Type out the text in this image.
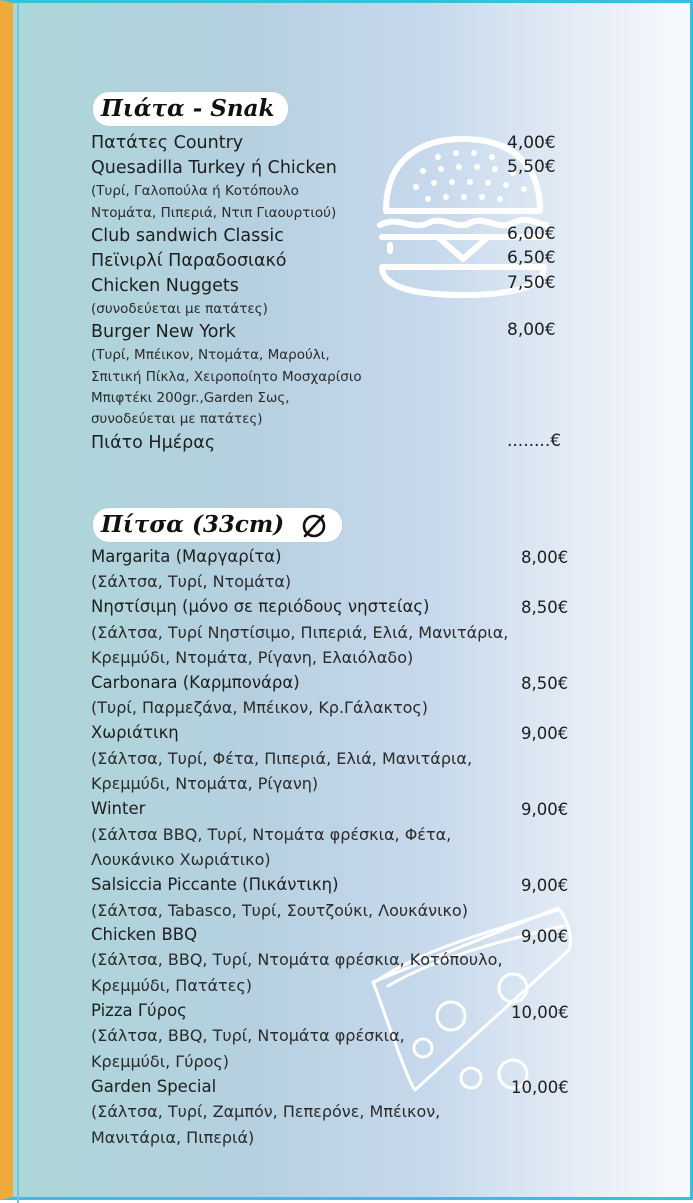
Πιάτα - Snak
Πατάτες Country	4,00€
Quesadilla Turkey ή Chicken	5,50€
(Τυρί, Γαλοπούλα ή Κοτόπουλο
Ντομάτα, Πιπεριά, Ντιπ Γιαουρτιού)
Club sandwich Classic	6,00€
Πεϊνιρλί Παραδοσιακό	6,50€
Chicken Nuggets	7,50€
(συνοδεύεται με πατάτες)
Burger New York	8,00€
(Τυρί, Μπέικον, Ντομάτα, Μαρούλι,
Σπιτική Πίκλα, Χειροποίητο Μοσχαρίσιο
Μπιφτέκι 200gr.,Garden Σως,
συνοδεύεται με πατάτες)
Πιάτο Ημέρας	........€
Πίτσα (33cm)
Margarita (Μαργαρίτα)	8,00€
(Σάλτσα, Τυρί, Ντομάτα)
Νηστίσιμη (μόνο σε περιόδους νηστείας)	8,50€
(Σάλτσα, Τυρί Νηστίσιμο, Πιπεριά, Ελιά, Μανιτάρια,
Κρεμμύδι, Ντομάτα, Ρίγανη, Ελαιόλαδο)
Carbonara (Καρμπονάρα)	8,50€
(Τυρί, Παρμεζάνα, Μπέικον, Κρ.Γάλακτος)
Χωριάτικη	9,00€
(Σάλτσα, Τυρί, Φέτα, Πιπεριά, Ελιά, Μανιτάρια,
Κρεμμύδι, Ντομάτα, Ρίγανη)
Winter	9,00€
(Σάλτσα BBQ, Τυρί, Ντομάτα φρέσκια, Φέτα,
Λουκάνικο Χωριάτικο)
Salsiccia Piccante (Πικάντικη)	9,00€
(Σάλτσα, Tabasco, Τυρί, Σουτζούκι, Λουκάνικο)
Chicken BBQ	9,00€
(Σάλτσα, BBQ, Τυρί, Ντομάτα φρέσκια, Κοτόπουλο,
Κρεμμύδι, Πατάτες)
Pizza Γύρος	10,00€
(Σάλτσα, BBQ, Τυρί, Ντομάτα φρέσκια,
Κρεμμύδι, Γύρος)
Garden Special	10,00€
(Σάλτσα, Τυρί, Ζαμπόν, Πεπερόνε, Μπέικον,
Μανιτάρια, Πιπεριά)
